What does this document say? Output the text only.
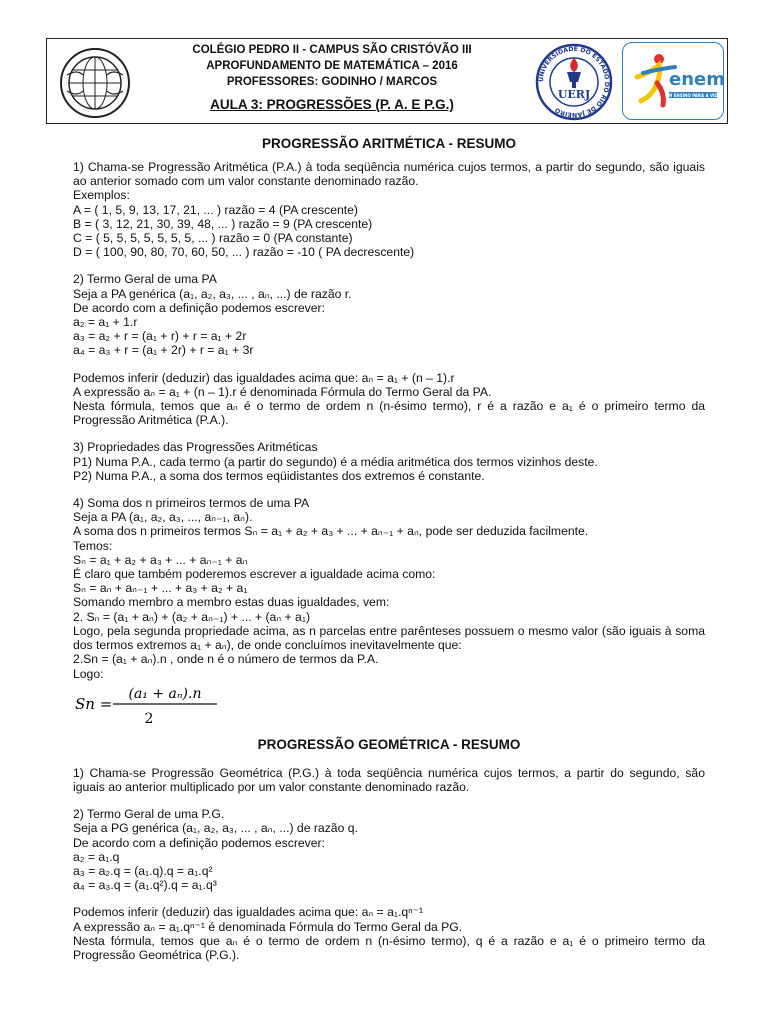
COLÉGIO PEDRO II - CAMPUS SÃO CRISTÓVÃO III
APROFUNDAMENTO DE MATEMÁTICA – 2016
PROFESSORES: GODINHO / MARCOS
AULA 3: PROGRESSÕES (P. A. E P.G.)
UNIVERSIDADE DO ESTADO DO RIO DE JANEIRO
UERJ
enem
UM ENSINO PARA A VIDA

PROGRESSÃO ARITMÉTICA - RESUMO

1) Chama-se Progressão Aritmética (P.A.) à toda seqüência numérica cujos termos, a partir do segundo, são iguais ao anterior somado com um valor constante denominado razão.

Exemplos:

A = ( 1, 5, 9, 13, 17, 21, ... ) razão = 4 (PA crescente)

B = ( 3, 12, 21, 30, 39, 48, ... ) razão = 9 (PA crescente)

C = ( 5, 5, 5, 5, 5, 5, 5, ... ) razão = 0 (PA constante)

D = ( 100, 90, 80, 70, 60, 50, ... ) razão = -10 ( PA decrescente)

2) Termo Geral de uma PA

Seja a PA genérica (a₁, a₂, a₃, ... , aₙ, ...) de razão r.

De acordo com a definição podemos escrever:

a₂ = a₁ + 1.r

a₃ = a₂ + r = (a₁ + r) + r = a₁ + 2r

a₄ = a₃ + r = (a₁ + 2r) + r = a₁ + 3r

Podemos inferir (deduzir) das igualdades acima que: aₙ = a₁ + (n – 1).r

A expressão aₙ = a₁ + (n – 1).r é denominada Fórmula do Termo Geral da PA.

Nesta fórmula, temos que aₙ é o termo de ordem n (n-ésimo termo), r é a razão e a₁ é o primeiro termo da Progressão Aritmética (P.A.).

3) Propriedades das Progressões Aritméticas

P1) Numa P.A., cada termo (a partir do segundo) é a média aritmética dos termos vizinhos deste.

P2) Numa P.A., a soma dos termos eqüidistantes dos extremos é constante.

4) Soma dos n primeiros termos de uma PA

Seja a PA (a₁, a₂, a₃, ..., aₙ₋₁, aₙ).

A soma dos n primeiros termos Sₙ = a₁ + a₂ + a₃ + ... + aₙ₋₁ + aₙ, pode ser deduzida facilmente.

Temos:

Sₙ = a₁ + a₂ + a₃ + ... + aₙ₋₁ + aₙ

É claro que também poderemos escrever a igualdade acima como:

Sₙ = aₙ + aₙ₋₁ + ... + a₃ + a₂ + a₁

Somando membro a membro estas duas igualdades, vem:

2. Sₙ = (a₁ + aₙ) + (a₂ + aₙ₋₁) + ... + (aₙ + a₁)

Logo, pela segunda propriedade acima, as n parcelas entre parênteses possuem o mesmo valor (são iguais à soma dos termos extremos a₁ + aₙ), de onde concluímos inevitavelmente que:

2.Sn = (a₁ + aₙ).n , onde n é o número de termos da P.A.

Logo:

Sn =
(a₁ + aₙ).n
2

PROGRESSÃO GEOMÉTRICA - RESUMO

1) Chama-se Progressão Geométrica (P.G.) à toda seqüência numérica cujos termos, a partir do segundo, são iguais ao anterior multiplicado por um valor constante denominado razão.

2) Termo Geral de uma P.G.

Seja a PG genérica (a₁, a₂, a₃, ... , aₙ, ...) de razão q.

De acordo com a definição podemos escrever:

a₂ = a₁.q

a₃ = a₂.q = (a₁.q).q = a₁.q²

a₄ = a₃.q = (a₁.q²).q = a₁.q³

Podemos inferir (deduzir) das igualdades acima que: aₙ = a₁.qⁿ⁻¹

A expressão aₙ = a₁.qⁿ⁻¹ é denominada Fórmula do Termo Geral da PG.

Nesta fórmula, temos que aₙ é o termo de ordem n (n-ésimo termo), q é a razão e a₁ é o primeiro termo da Progressão Geométrica (P.G.).
